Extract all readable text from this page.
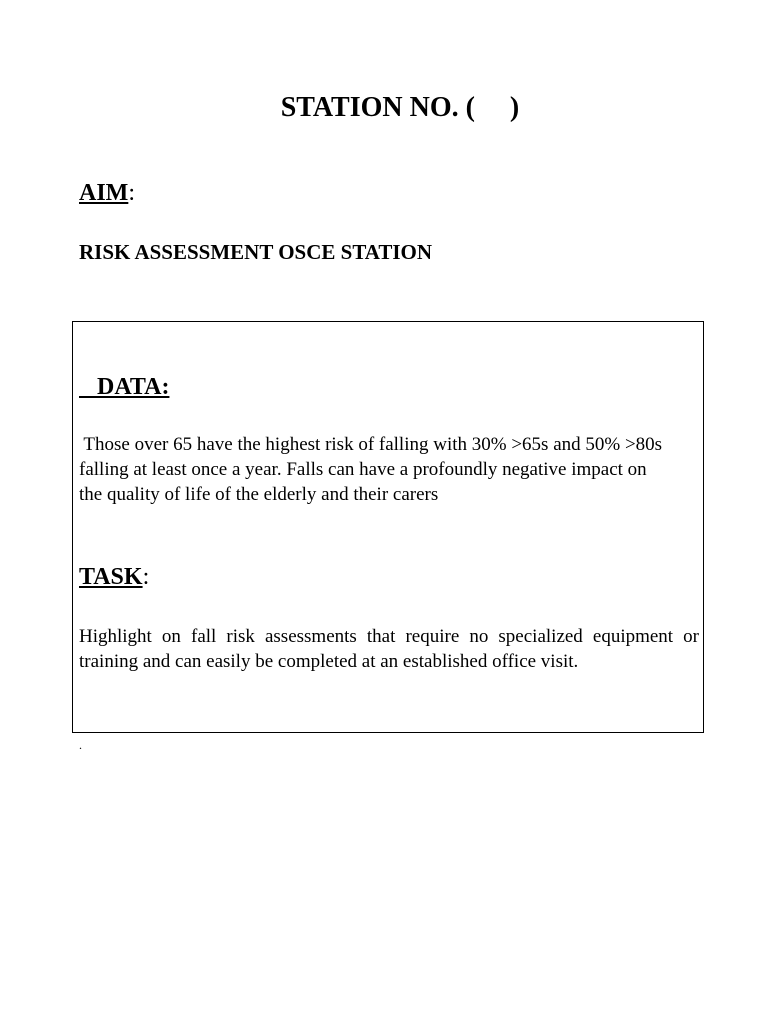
STATION NO. (     )

AIM:

RISK ASSESSMENT OSCE STATION

DATA:

Those over 65 have the highest risk of falling with 30% >65s and 50% >80s
falling at least once a year. Falls can have a profoundly negative impact on
the quality of life of the elderly and their carers

TASK:

Highlight on fall risk assessments that require no specialized equipment or
training and can easily be completed at an established office visit.

.
